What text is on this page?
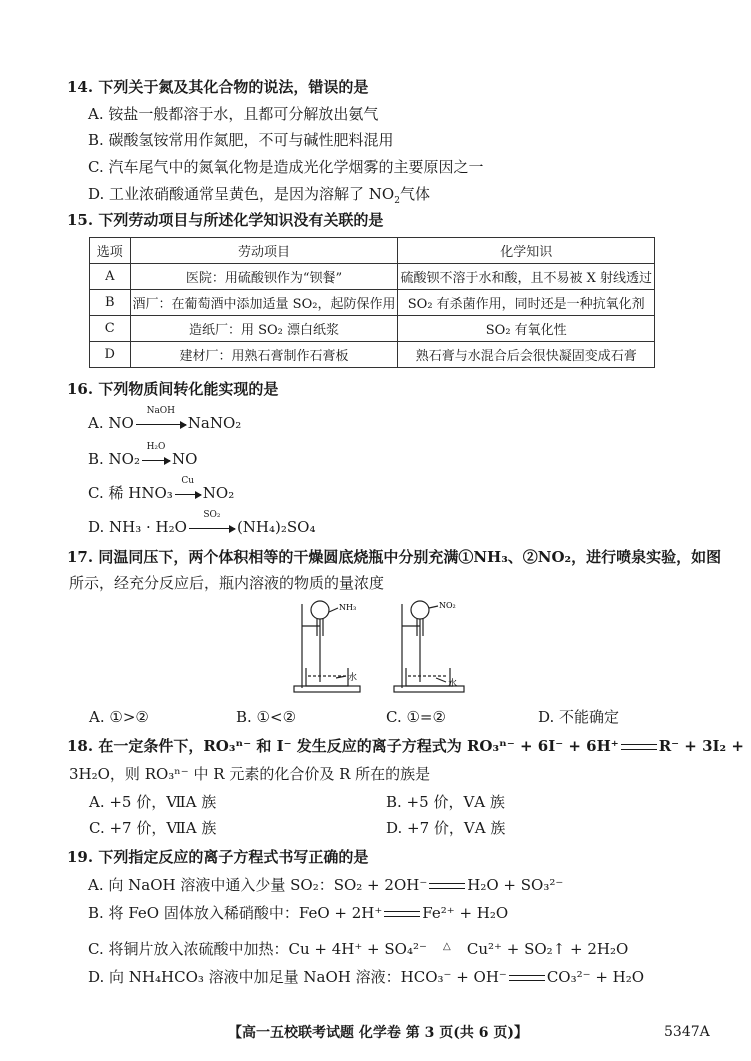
14. 下列关于氮及其化合物的说法，错误的是
A. 铵盐一般都溶于水，且都可分解放出氨气
B. 碳酸氢铵常用作氮肥，不可与碱性肥料混用
C. 汽车尾气中的氮氧化物是造成光化学烟雾的主要原因之一
D. 工业浓硝酸通常呈黄色，是因为溶解了 $NO_2$气体
15. 下列劳动项目与所述化学知识没有关联的是
选项	劳动项目	化学知识
A	医院：用硫酸钡作为“钡餐”	硫酸钡不溶于水和酸，且不易被 X 射线透过
B	酒厂：在葡萄酒中添加适量 SO₂，起防保作用	SO₂ 有杀菌作用，同时还是一种抗氧化剂
C	造纸厂：用 SO₂ 漂白纸浆	SO₂ 有氧化性
D	建材厂：用熟石膏制作石膏板	熟石膏与水混合后会很快凝固变成石膏
16. 下列物质间转化能实现的是
A. NO
NaOH
NaNO₂
B. NO₂
H₂O
NO
C. 稀 HNO₃
Cu
NO₂
D. NH₃ · H₂O
SO₂
(NH₄)₂SO₄
17. 同温同压下，两个体积相等的干燥圆底烧瓶中分别充满①NH₃、②NO₂，进行喷泉实验，如图
所示，经充分反应后，瓶内溶液的物质的量浓度
NH₃	NO₂
水
水
A. ①>②	B. ①<②	C. ①=②	D. 不能确定
18. 在一定条件下，RO₃ⁿ⁻ 和 I⁻ 发生反应的离子方程式为 RO₃ⁿ⁻ + 6I⁻ + 6H⁺	R⁻ + 3I₂ +
3H₂O，则 RO₃ⁿ⁻ 中 R 元素的化合价及 R 所在的族是
A. +5 价，ⅦA 族	B. +5 价，ⅤA 族
C. +7 价，ⅦA 族	D. +7 价，ⅤA 族
19. 下列指定反应的离子方程式书写正确的是
A. 向 NaOH 溶液中通入少量 SO₂：SO₂ + 2OH⁻	H₂O + SO₃²⁻
B. 将 FeO 固体放入稀硝酸中：FeO + 2H⁺	Fe²⁺ + H₂O
C. 将铜片放入浓硫酸中加热：Cu + 4H⁺ + SO₄²⁻	△	Cu²⁺ + SO₂↑ + 2H₂O
D. 向 NH₄HCO₃ 溶液中加足量 NaOH 溶液：HCO₃⁻ + OH⁻	CO₃²⁻ + H₂O
【高一五校联考试题 化学卷 第 3 页(共 6 页)】	5347A
